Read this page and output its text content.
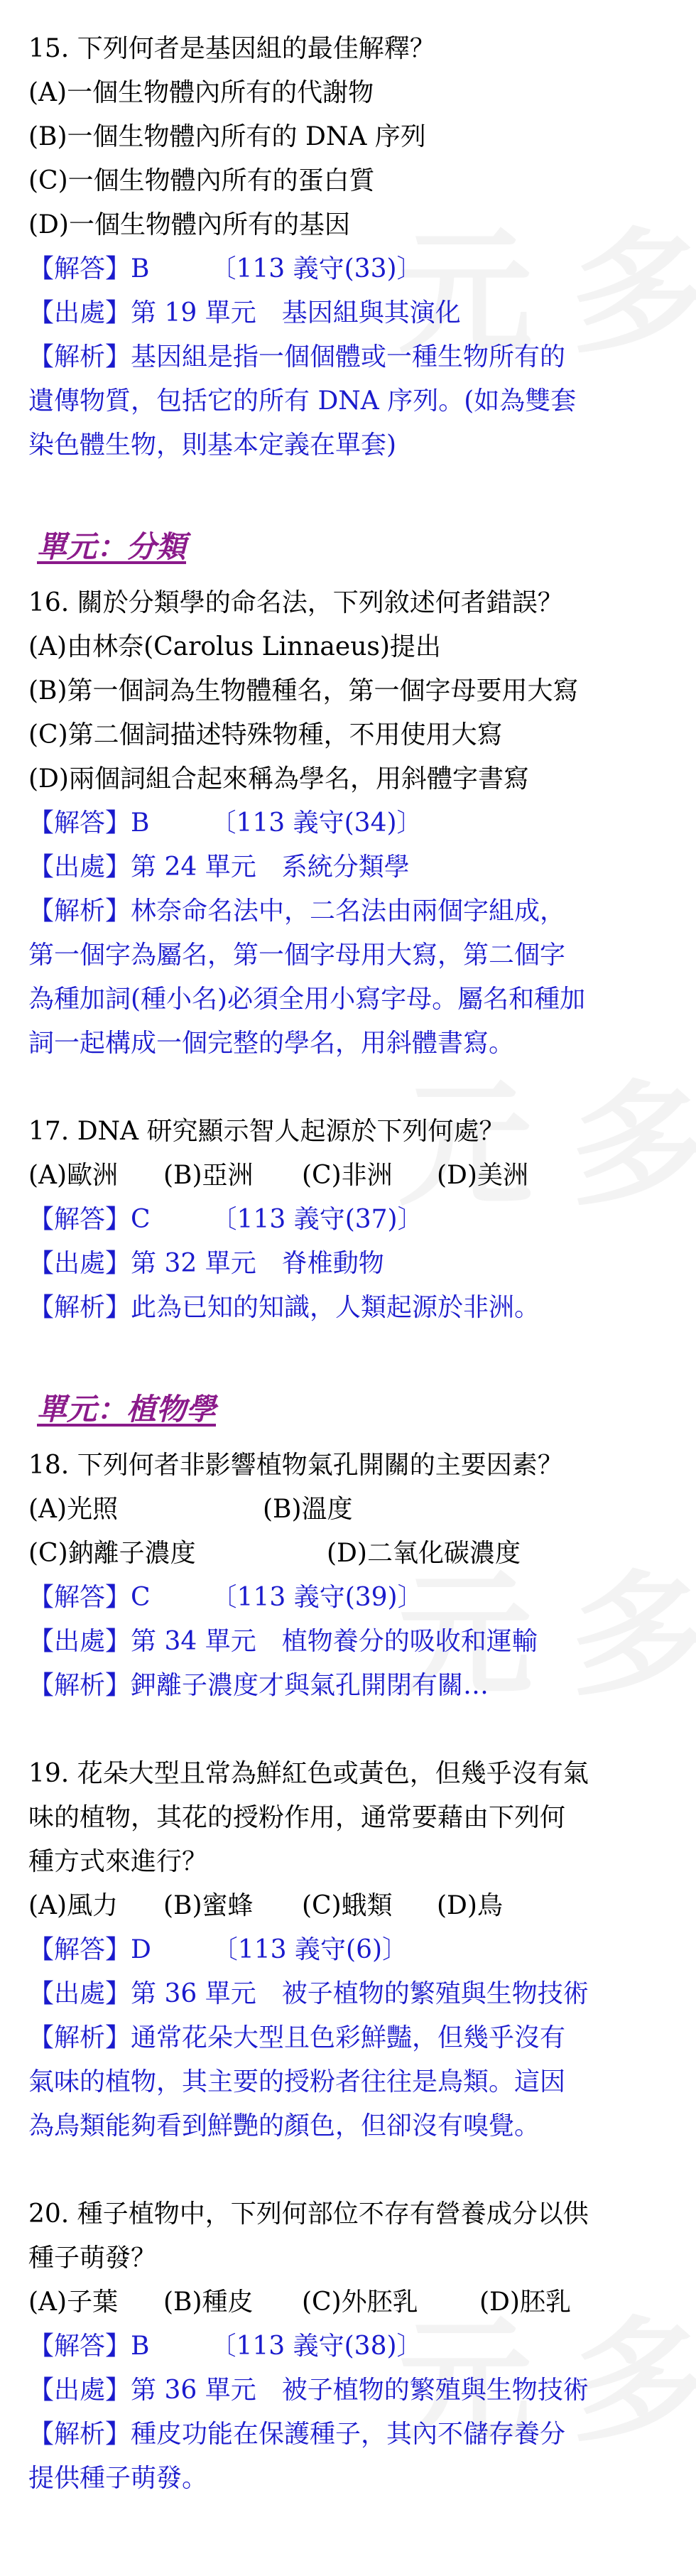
15. 下列何者是基因組的最佳解釋？
(A)一個生物體內所有的代謝物
(B)一個生物體內所有的 DNA 序列
(C)一個生物體內所有的蛋白質
(D)一個生物體內所有的基因
【解答】B 〔113 義守(33)〕
【出處】第 19 單元　基因組與其演化
【解析】基因組是指一個個體或一種生物所有的
遺傳物質，包括它的所有 DNA 序列。(如為雙套
染色體生物，則基本定義在單套)
單元：分類
16. 關於分類學的命名法，下列敘述何者錯誤？
(A)由林奈(Carolus Linnaeus)提出
(B)第一個詞為生物體種名，第一個字母要用大寫
(C)第二個詞描述特殊物種，不用使用大寫
(D)兩個詞組合起來稱為學名，用斜體字書寫
【解答】B 〔113 義守(34)〕
【出處】第 24 單元　系統分類學
【解析】林奈命名法中，二名法由兩個字組成，
第一個字為屬名，第一個字母用大寫，第二個字
為種加詞(種小名)必須全用小寫字母。屬名和種加
詞一起構成一個完整的學名，用斜體書寫。
17. DNA 研究顯示智人起源於下列何處？
(A)歐洲	(B)亞洲	(C)非洲	(D)美洲
【解答】C 〔113 義守(37)〕
【出處】第 32 單元　脊椎動物
【解析】此為已知的知識，人類起源於非洲。
單元：植物學
18. 下列何者非影響植物氣孔開關的主要因素？
(A)光照	(B)溫度
(C)鈉離子濃度	(D)二氧化碳濃度
【解答】C 〔113 義守(39)〕
【出處】第 34 單元　植物養分的吸收和運輸
【解析】鉀離子濃度才與氣孔開閉有關…
19. 花朵大型且常為鮮紅色或黃色，但幾乎沒有氣
味的植物，其花的授粉作用，通常要藉由下列何
種方式來進行？
(A)風力	(B)蜜蜂	(C)蛾類	(D)鳥
【解答】D 〔113 義守(6)〕
【出處】第 36 單元　被子植物的繁殖與生物技術
【解析】通常花朵大型且色彩鮮豔，但幾乎沒有
氣味的植物，其主要的授粉者往往是鳥類。這因
為鳥類能夠看到鮮艷的顏色，但卻沒有嗅覺。
20. 種子植物中，下列何部位不存有營養成分以供
種子萌發？
(A)子葉	(B)種皮	(C)外胚乳	(D)胚乳
【解答】B 〔113 義守(38)〕
【出處】第 36 單元　被子植物的繁殖與生物技術
【解析】種皮功能在保護種子，其內不儲存養分
提供種子萌發。
